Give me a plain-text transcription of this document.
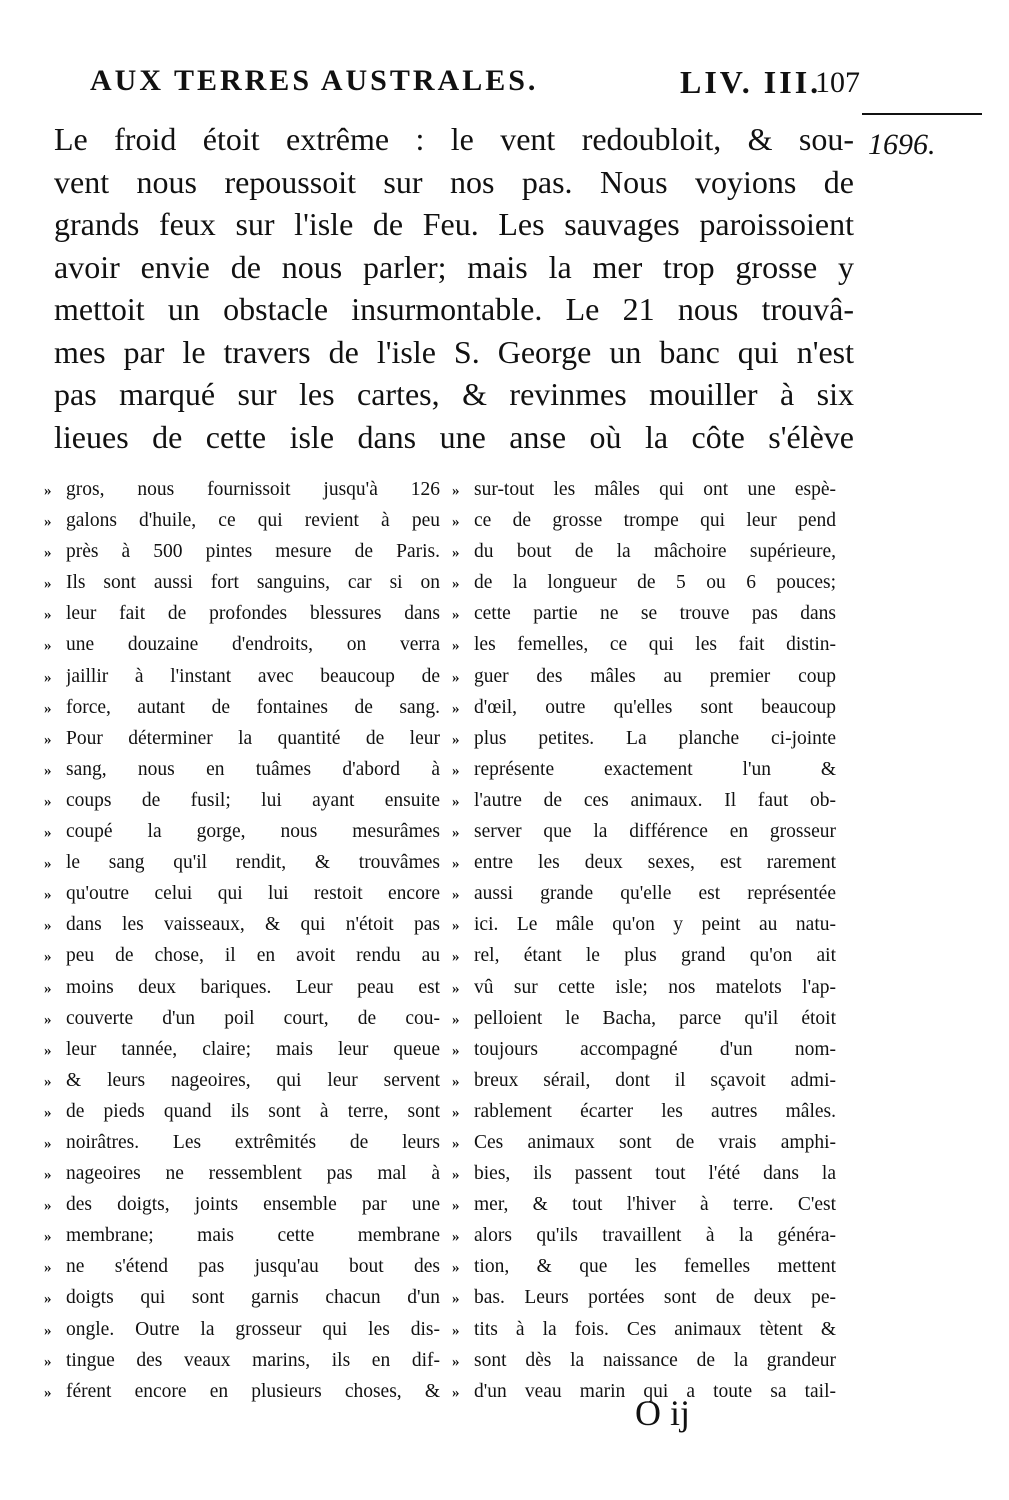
AUX TERRES AUSTRALES.	LIV. III.
107
1696.
Le froid étoit extrême : le vent redoubloit, & sou-
vent nous repoussoit sur nos pas. Nous voyions de
grands feux sur l'isle de Feu. Les sauvages paroissoient
avoir envie de nous parler; mais la mer trop grosse y
mettoit un obstacle insurmontable. Le 21 nous trouvâ-
mes par le travers de l'isle S. George un banc qui n'est
pas marqué sur les cartes, & revinmes mouiller à six
lieues de cette isle dans une anse où la côte s'élève
» gros, nous fournissoit jusqu'à 126
» galons d'huile, ce qui revient à peu
» près à 500 pintes mesure de Paris.
» Ils sont aussi fort sanguins, car si on
» leur fait de profondes blessures dans
» une douzaine d'endroits, on verra
» jaillir à l'instant avec beaucoup de
» force, autant de fontaines de sang.
» Pour déterminer la quantité de leur
» sang, nous en tuâmes d'abord à
» coups de fusil; lui ayant ensuite
» coupé la gorge, nous mesurâmes
» le sang qu'il rendit, & trouvâmes
» qu'outre celui qui lui restoit encore
» dans les vaisseaux, & qui n'étoit pas
» peu de chose, il en avoit rendu au
» moins deux bariques. Leur peau est
» couverte d'un poil court, de cou-
» leur tannée, claire; mais leur queue
» & leurs nageoires, qui leur servent
» de pieds quand ils sont à terre, sont
» noirâtres. Les extrêmités de leurs
» nageoires ne ressemblent pas mal à
» des doigts, joints ensemble par une
» membrane; mais cette membrane
» ne s'étend pas jusqu'au bout des
» doigts qui sont garnis chacun d'un
» ongle. Outre la grosseur qui les dis-
» tingue des veaux marins, ils en dif-
» férent encore en plusieurs choses, &
» sur-tout les mâles qui ont une espè-
» ce de grosse trompe qui leur pend
» du bout de la mâchoire supérieure,
» de la longueur de 5 ou 6 pouces;
» cette partie ne se trouve pas dans
» les femelles, ce qui les fait distin-
» guer des mâles au premier coup
» d'œil, outre qu'elles sont beaucoup
» plus petites. La planche ci-jointe
» représente exactement l'un &
» l'autre de ces animaux. Il faut ob-
» server que la différence en grosseur
» entre les deux sexes, est rarement
» aussi grande qu'elle est représentée
» ici. Le mâle qu'on y peint au natu-
» rel, étant le plus grand qu'on ait
» vû sur cette isle; nos matelots l'ap-
» pelloient le Bacha, parce qu'il étoit
» toujours accompagné d'un nom-
» breux sérail, dont il sçavoit admi-
» rablement écarter les autres mâles.
» Ces animaux sont de vrais amphi-
» bies, ils passent tout l'été dans la
» mer, & tout l'hiver à terre. C'est
» alors qu'ils travaillent à la généra-
» tion, & que les femelles mettent
» bas. Leurs portées sont de deux pe-
» tits à la fois. Ces animaux tètent &
» sont dès la naissance de la grandeur
» d'un veau marin qui a toute sa tail-
O ij
